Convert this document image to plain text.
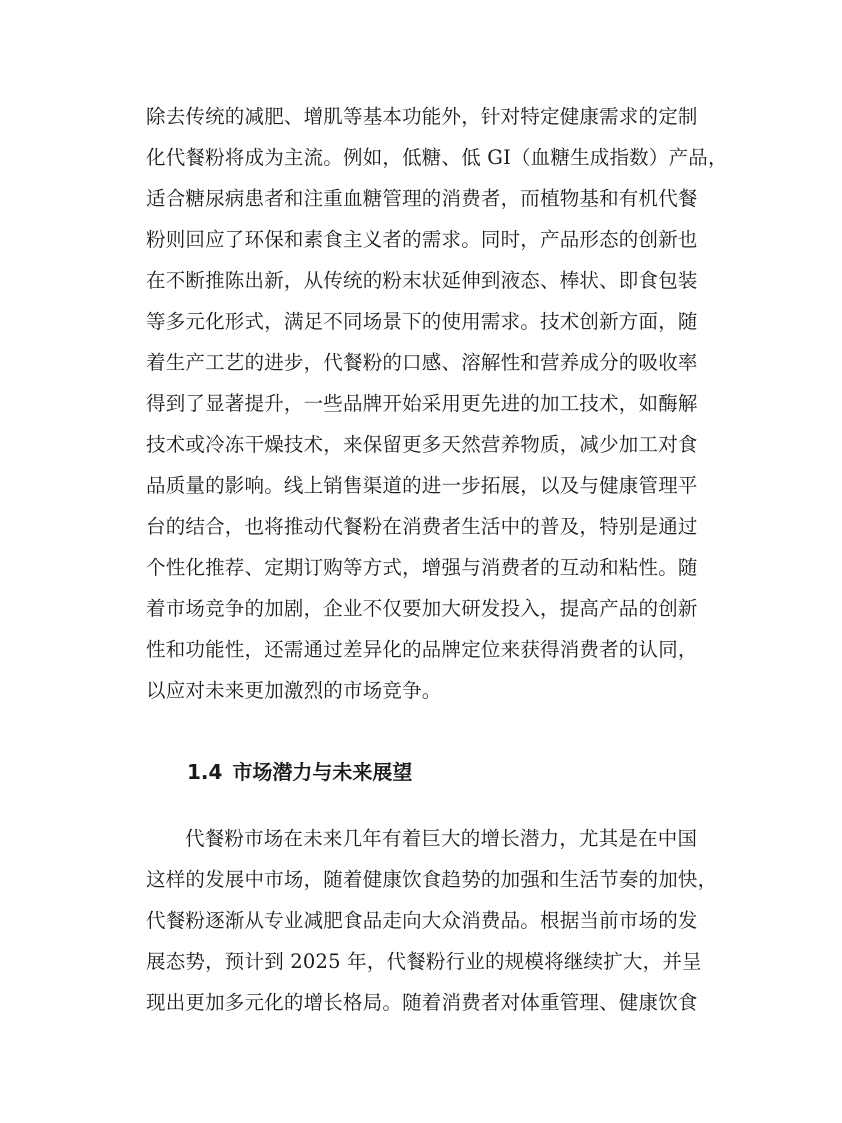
除去传统的减肥、增肌等基本功能外，针对特定健康需求的定制
化代餐粉将成为主流。例如，低糖、低 GI（血糖生成指数）产品，
适合糖尿病患者和注重血糖管理的消费者，而植物基和有机代餐
粉则回应了环保和素食主义者的需求。同时，产品形态的创新也
在不断推陈出新，从传统的粉末状延伸到液态、棒状、即食包装
等多元化形式，满足不同场景下的使用需求。技术创新方面，随
着生产工艺的进步，代餐粉的口感、溶解性和营养成分的吸收率
得到了显著提升，一些品牌开始采用更先进的加工技术，如酶解
技术或冷冻干燥技术，来保留更多天然营养物质，减少加工对食
品质量的影响。线上销售渠道的进一步拓展，以及与健康管理平
台的结合，也将推动代餐粉在消费者生活中的普及，特别是通过
个性化推荐、定期订购等方式，增强与消费者的互动和粘性。随
着市场竞争的加剧，企业不仅要加大研发投入，提高产品的创新
性和功能性，还需通过差异化的品牌定位来获得消费者的认同，
以应对未来更加激烈的市场竞争。
1.4 市场潜力与未来展望
代餐粉市场在未来几年有着巨大的增长潜力，尤其是在中国
这样的发展中市场，随着健康饮食趋势的加强和生活节奏的加快，
代餐粉逐渐从专业减肥食品走向大众消费品。根据当前市场的发
展态势，预计到 2025 年，代餐粉行业的规模将继续扩大，并呈
现出更加多元化的增长格局。随着消费者对体重管理、健康饮食
